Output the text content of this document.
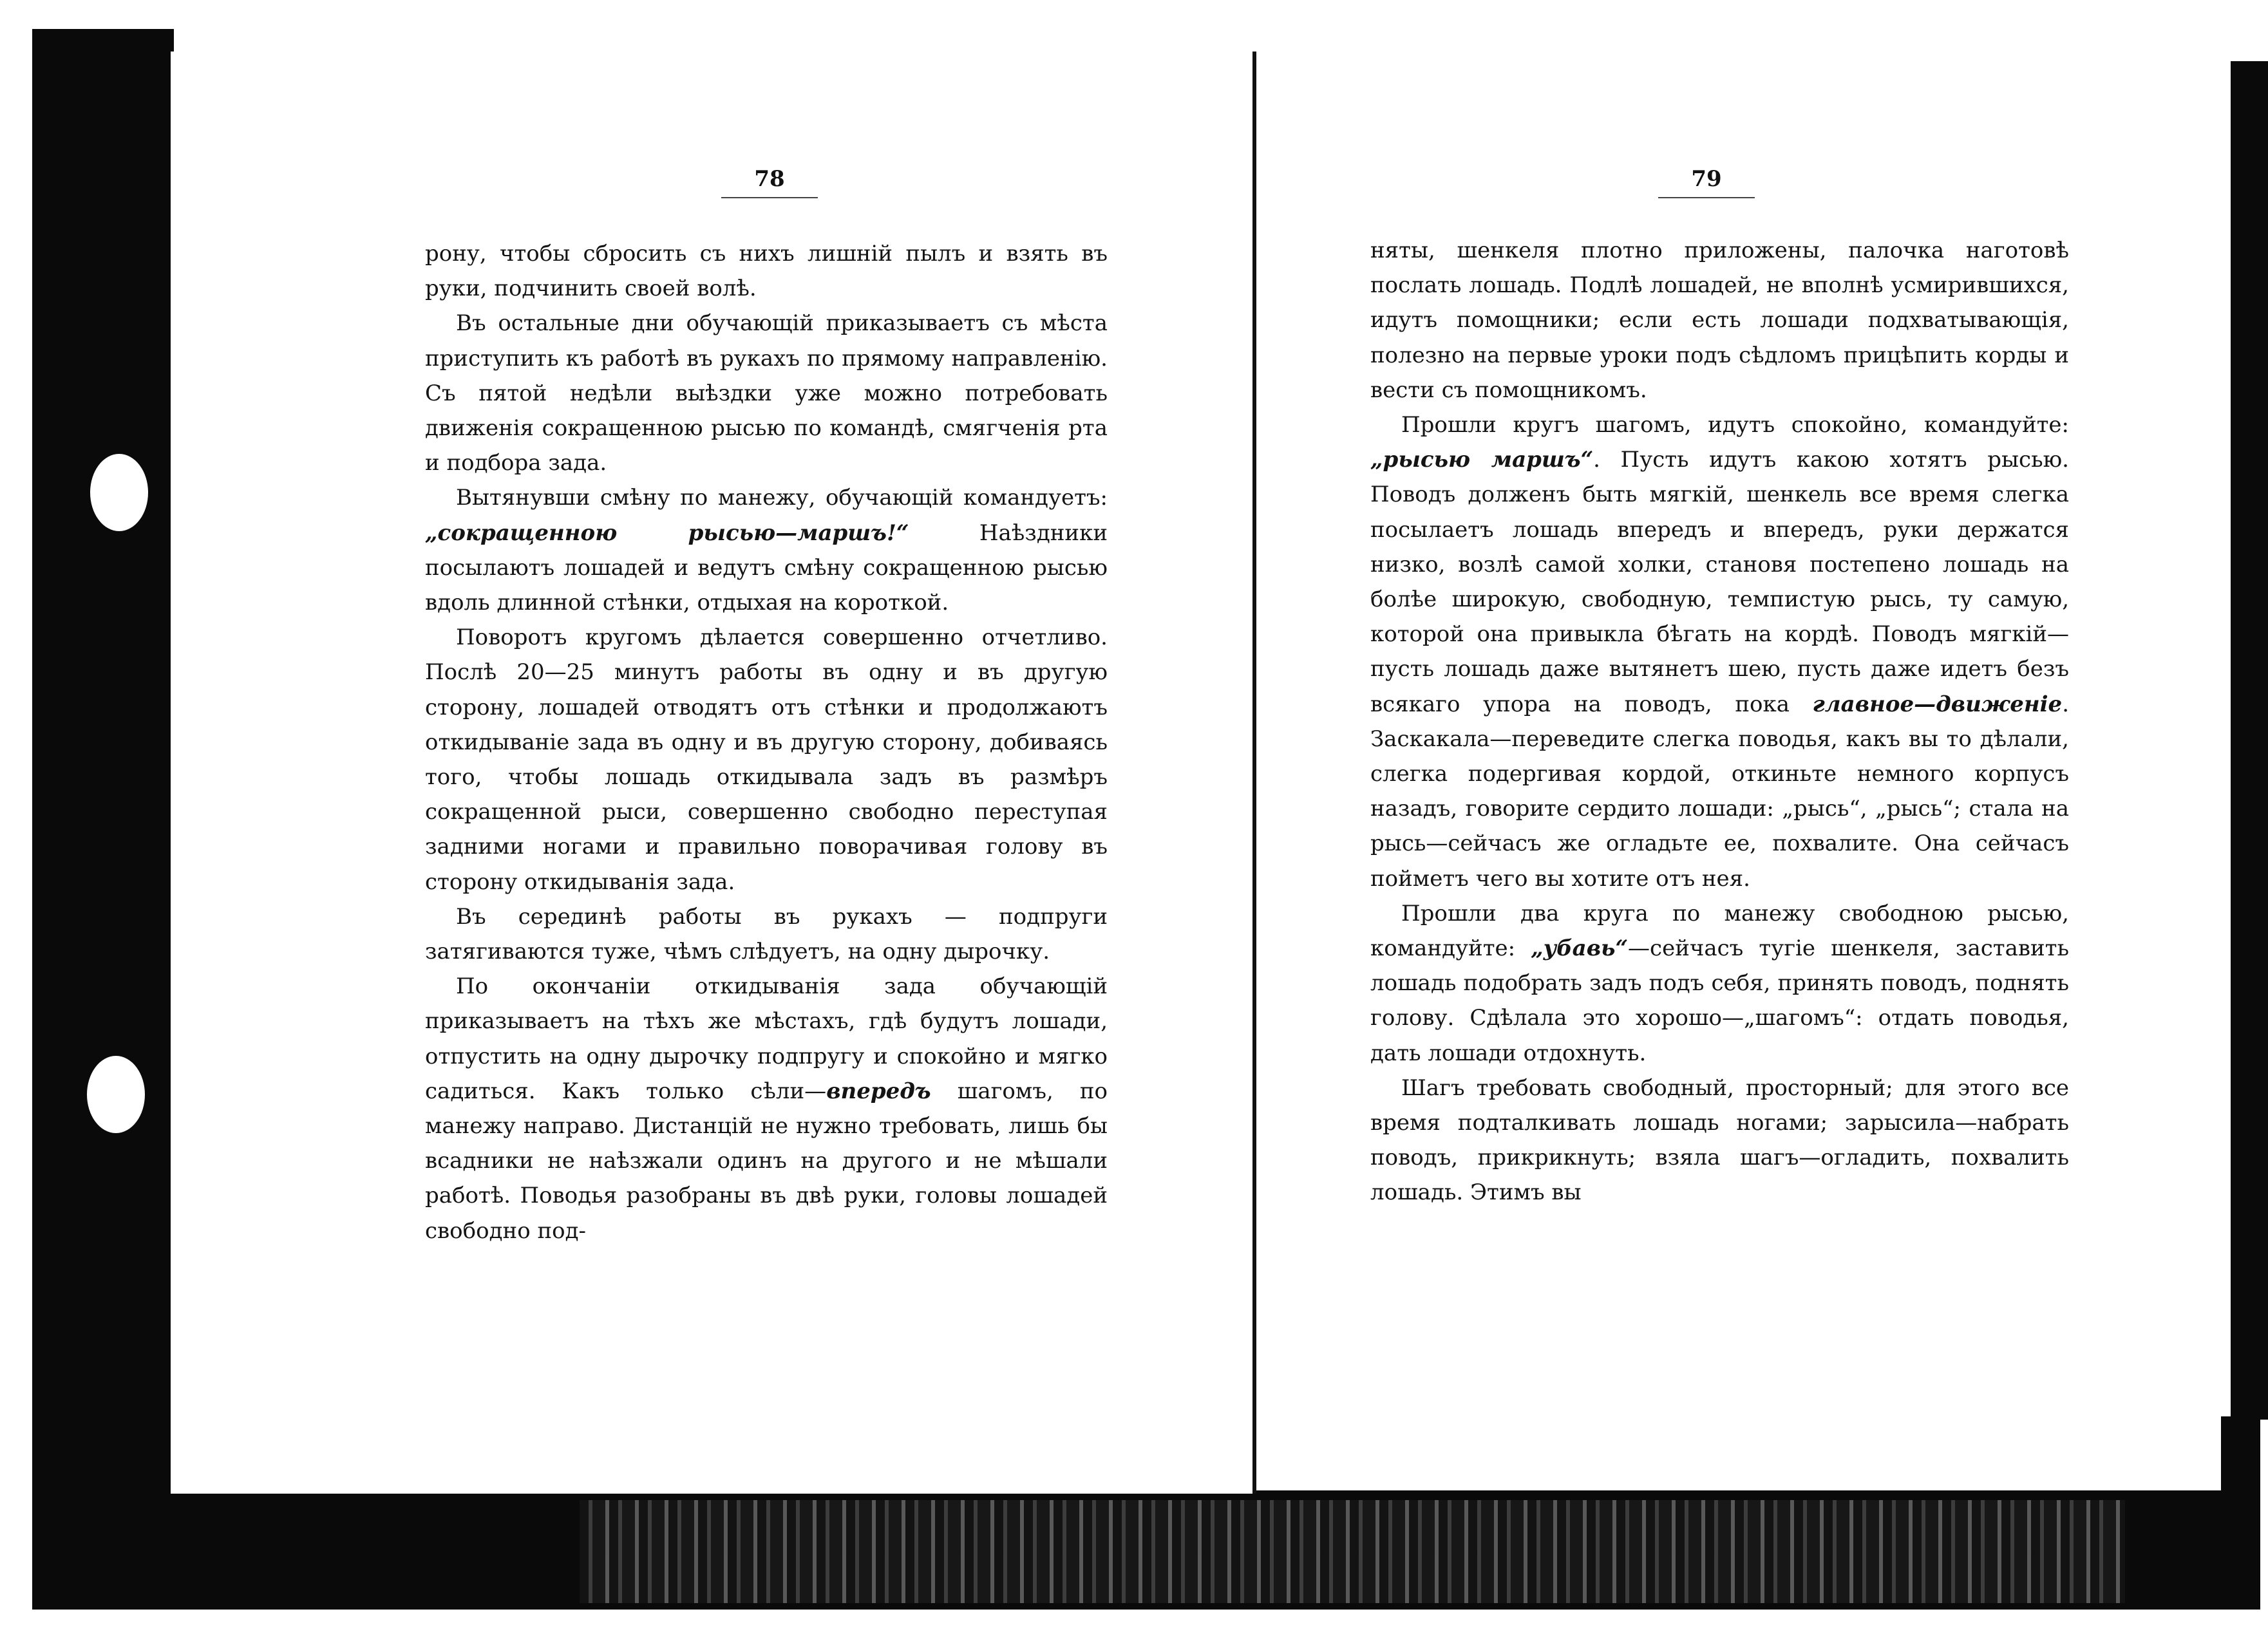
78	79

рону, чтобы сбросить съ нихъ лишній пылъ и взять въ руки, подчинить своей волѣ.

Въ остальные дни обучающій приказываетъ съ мѣста приступить къ работѣ въ рукахъ по прямому направленію. Съ пятой недѣли выѣздки уже можно потребовать движенія сокращенною рысью по командѣ, смягченія рта и подбора зада.

Вытянувши смѣну по манежу, обучающій командуетъ: „сокращенною рысью—маршъ!“ Наѣздники посылаютъ лошадей и ведутъ смѣну сокращенною рысью вдоль длинной стѣнки, отдыхая на короткой.

Поворотъ кругомъ дѣлается совершенно отчетливо. Послѣ 20—25 минутъ работы въ одну и въ другую сторону, лошадей отводятъ отъ стѣнки и продолжаютъ откидываніе зада въ одну и въ другую сторону, добиваясь того, чтобы лошадь откидывала задъ въ размѣръ сокращенной рыси, совершенно свободно переступая задними ногами и правильно поворачивая голову въ сторону откидыванія зада.

Въ серединѣ работы въ рукахъ — подпруги затягиваются туже, чѣмъ слѣдуетъ, на одну дырочку.

По окончаніи откидыванія зада обучающій приказываетъ на тѣхъ же мѣстахъ, гдѣ будутъ лошади, отпустить на одну дырочку подпругу и спокойно и мягко садиться. Какъ только сѣли—впередъ шагомъ, по манежу направо. Дистанцій не нужно требовать, лишь бы всадники не наѣзжали одинъ на другого и не мѣшали работѣ. Поводья разобраны въ двѣ руки, головы лошадей свободно под-

няты, шенкеля плотно приложены, палочка наготовѣ послать лошадь. Подлѣ лошадей, не вполнѣ усмирившихся, идутъ помощники; если есть лошади подхватывающія, полезно на первые уроки подъ сѣдломъ прицѣпить корды и вести съ помощникомъ.

Прошли кругъ шагомъ, идутъ спокойно, командуйте: „рысью маршъ“. Пусть идутъ какою хотятъ рысью. Поводъ долженъ быть мягкій, шенкель все время слегка посылаетъ лошадь впередъ и впередъ, руки держатся низко, возлѣ самой холки, становя постепено лошадь на болѣе широкую, свободную, темпистую рысь, ту самую, которой она привыкла бѣгать на кордѣ. Поводъ мягкій—пусть лошадь даже вытянетъ шею, пусть даже идетъ безъ всякаго упора на поводъ, пока главное—движеніе. Заскакала—переведите слегка поводья, какъ вы то дѣлали, слегка подергивая кордой, откиньте немного корпусъ назадъ, говорите сердито лошади: „рысь“, „рысь“; стала на рысь—сейчасъ же огладьте ее, похвалите. Она сейчасъ пойметъ чего вы хотите отъ нея.

Прошли два круга по манежу свободною рысью, командуйте: „убавь“—сейчасъ тугіе шенкеля, заставить лошадь подобрать задъ подъ себя, принять поводъ, поднять голову. Сдѣлала это хорошо—„шагомъ“: отдать поводья, дать лошади отдохнуть.

Шагъ требовать свободный, просторный; для этого все время подталкивать лошадь ногами; зарысила—набрать поводъ, прикрикнуть; взяла шагъ—огладить, похвалить лошадь. Этимъ вы
